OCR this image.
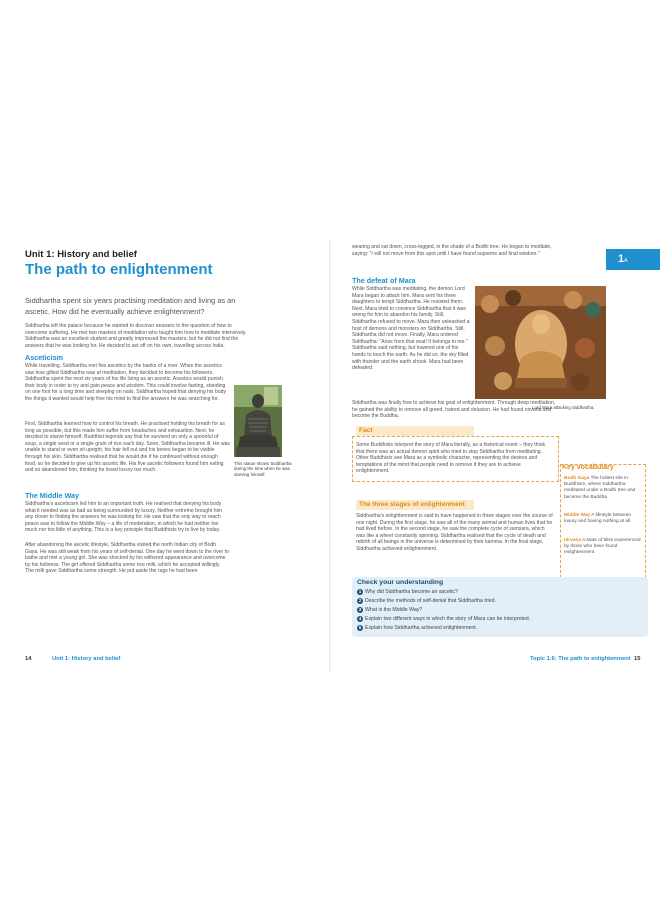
Unit 1: History and belief
The path to enlightenment
Siddhartha spent six years practising meditation and living as an ascetic. How did he eventually achieve enlightenment?
Siddhartha left the palace because he wanted to discover answers to the question of how to overcome suffering. He met two masters of meditation who taught him how to meditate intensively. Siddhartha was an excellent student and greatly impressed the masters, but he did not find the answers that he was looking for. He decided to set off on his own, travelling across India.
Asceticism
While travelling, Siddhartha met five ascetics by the banks of a river. When the ascetics saw how gifted Siddhartha was at meditation, they decided to become his followers. Siddhartha spent the next six years of his life living as an ascetic. Ascetics would punish their body in order to try and gain peace and wisdom. This could involve fasting, standing on one foot for a long time and sleeping on nails. Siddhartha hoped that denying his body the things it wanted would help free his mind to find the answers he was searching for.
First, Siddhartha learned how to control his breath. He practised holding his breath for as long as possible, but this made him suffer from headaches and exhaustion. Next, he decided to starve himself. Buddhist legends say that he survived on only a spoonful of soup, a single seed or a single grain of rice each day. Soon, Siddhartha became ill. He was unable to stand or even sit upright, his hair fell out and his bones began to be visible through his skin. Siddhartha realised that he would die if he continued without enough food, so he decided to give up his ascetic life. His five ascetic followers found him eating and so abandoned him, thinking he loved luxury too much.
The Middle Way
Siddhartha's asceticism led him to an important truth. He realised that denying his body what it needed was as bad as being surrounded by luxury. Neither extreme brought him any closer to finding the answers he was looking for. He saw that the only way to reach peace was to follow the Middle Way – a life of moderation, in which he had neither too much nor too little of anything. This is a key principle that Buddhists try to live by today.
After abandoning the ascetic lifestyle, Siddhartha visited the north Indian city of Bodh Gaya. He was still weak from his years of self-denial. One day he went down to the river to bathe and met a young girl. She was shocked by his withered appearance and overcome by his holiness. The girl offered Siddhartha some rice milk, which he accepted willingly. The milk gave Siddhartha some strength. He put aside the rags he had been
This statue shows Siddhartha during the time when he was starving himself.
14	Unit 1: History and belief
1A
wearing and sat down, cross-legged, in the shade of a Bodhi tree. He began to meditate, saying: "I will not move from this spot until I have found supreme and final wisdom."
The defeat of Mara
While Siddhartha was meditating, the demon Lord Mara began to attack him. Mara sent his three daughters to tempt Siddhartha. He resisted them. Next, Mara tried to convince Siddhartha that it was wrong for him to abandon his family. Still, Siddhartha refused to move. Mara then unleashed a host of demons and monsters on Siddhartha. Still, Siddhartha did not move. Finally, Mara ordered Siddhartha: "Arise from that seat! It belongs to me." Siddhartha said nothing, but lowered one of his hands to touch the earth. As he did so, the sky filled with thunder and the earth shook. Mara had been defeated.
Siddhartha was finally free to achieve his goal of enlightenment. Through deep meditation, he gained the ability to remove all greed, hatred and delusion. He had found nirvana and become the Buddha.
Lord Mara attacking Siddhartha.
Fact
Some Buddhists interpret the story of Mara literally, as a historical event – they think that there was an actual demon spirit who tried to stop Siddhartha from meditating. Other Buddhists see Mara as a symbolic character, representing the desires and temptations of the mind that people need to remove if they are to achieve enlightenment.
The three stages of enlightenment
Siddhartha's enlightenment is said to have happened in three stages over the course of one night. During the first stage, he saw all of the many animal and human lives that he had lived before. In the second stage, he saw the complete cycle of samsara, which was like a wheel constantly spinning. Siddhartha realised that the cycle of death and rebirth of all beings in the universe is determined by their kamma. In the final stage, Siddhartha achieved enlightenment.
Key vocabulary
Bodh Gaya The holiest site in Buddhism, where Siddhartha meditated under a Bodhi tree and became the Buddha
Middle Way A lifestyle between luxury and having nothing at all
nirvana A state of bliss experienced by those who have found enlightenment
Check your understanding
1 Why did Siddhartha become an ascetic?
2 Describe the methods of self-denial that Siddhartha tried.
3 What is the Middle Way?
4 Explain two different ways in which the story of Mara can be interpreted.
5 Explain how Siddhartha achieved enlightenment.
Topic 1.6: The path to enlightenment 15
